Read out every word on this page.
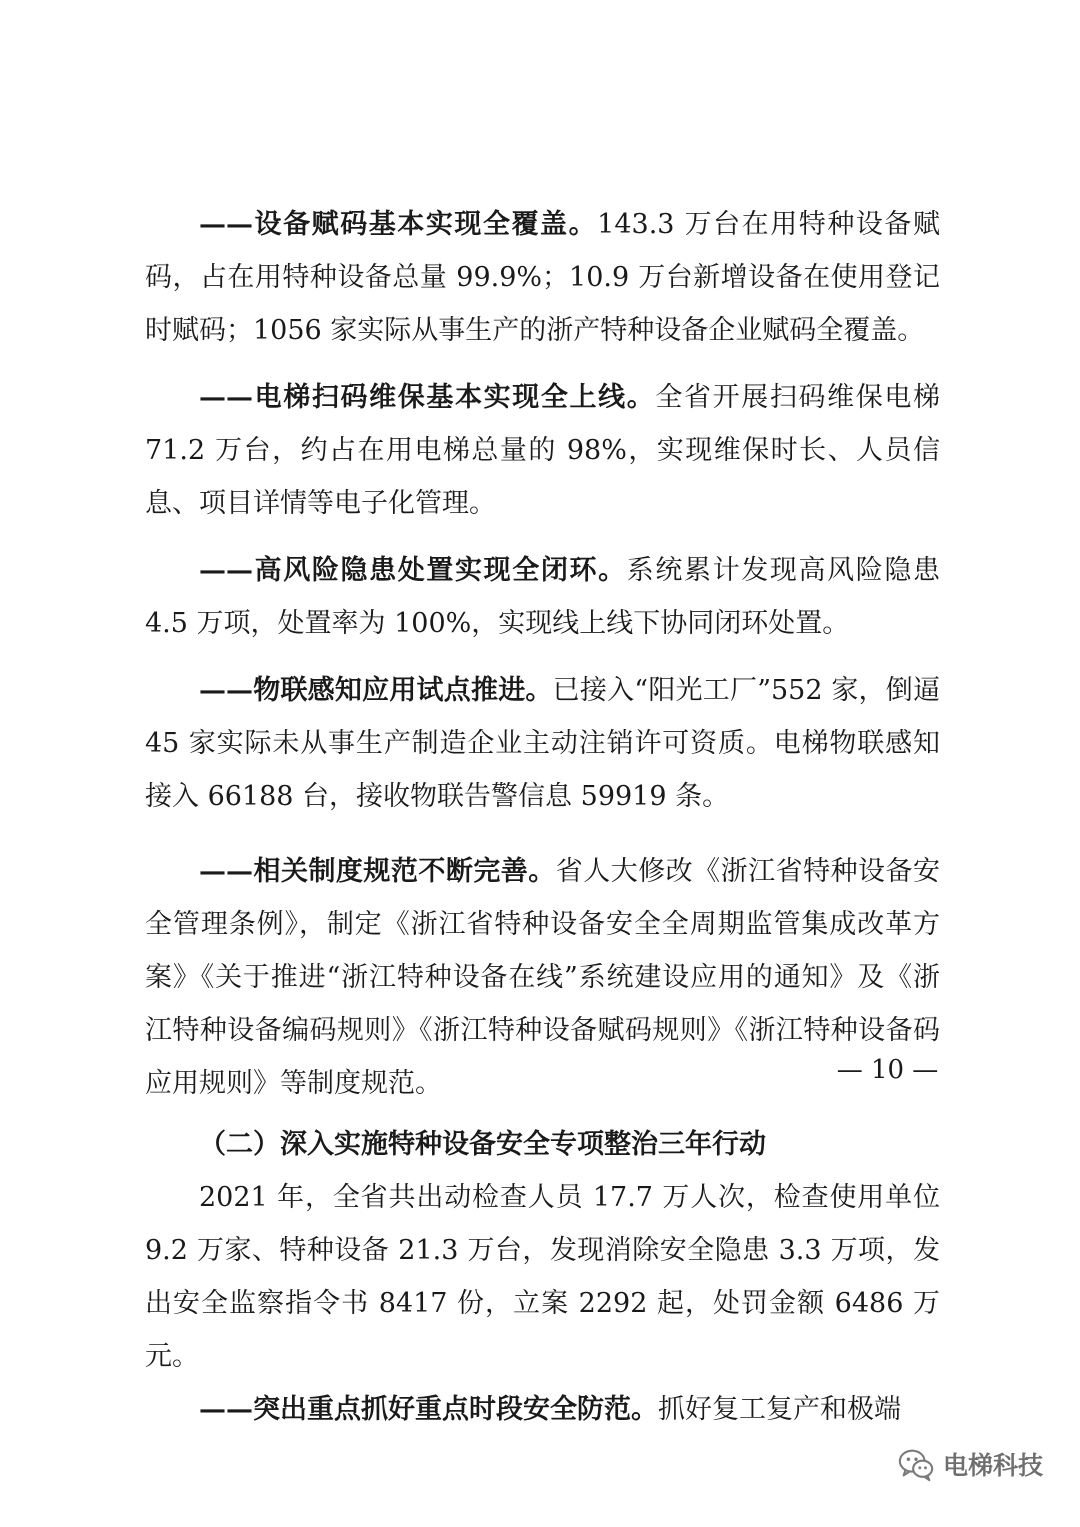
——设备赋码基本实现全覆盖。143.3 万台在用特种设备赋码，占在用特种设备总量 99.9%；10.9 万台新增设备在使用登记时赋码；1056 家实际从事生产的浙产特种设备企业赋码全覆盖。

——电梯扫码维保基本实现全上线。全省开展扫码维保电梯 71.2 万台，约占在用电梯总量的 98%，实现维保时长、人员信息、项目详情等电子化管理。

——高风险隐患处置实现全闭环。系统累计发现高风险隐患 4.5 万项，处置率为 100%，实现线上线下协同闭环处置。

——物联感知应用试点推进。已接入“阳光工厂”552 家，倒逼 45 家实际未从事生产制造企业主动注销许可资质。电梯物联感知接入 66188 台，接收物联告警信息 59919 条。

——相关制度规范不断完善。省人大修改《浙江省特种设备安全管理条例》，制定《浙江省特种设备安全全周期监管集成改革方案》《关于推进“浙江特种设备在线”系统建设应用的通知》及《浙江特种设备编码规则》《浙江特种设备赋码规则》《浙江特种设备码应用规则》等制度规范。

（二）深入实施特种设备安全专项整治三年行动

2021 年，全省共出动检查人员 17.7 万人次，检查使用单位 9.2 万家、特种设备 21.3 万台，发现消除安全隐患 3.3 万项，发出安全监察指令书 8417 份，立案 2292 起，处罚金额 6486 万元。

——突出重点抓好重点时段安全防范。抓好复工复产和极端

— 10 —
电梯科技
